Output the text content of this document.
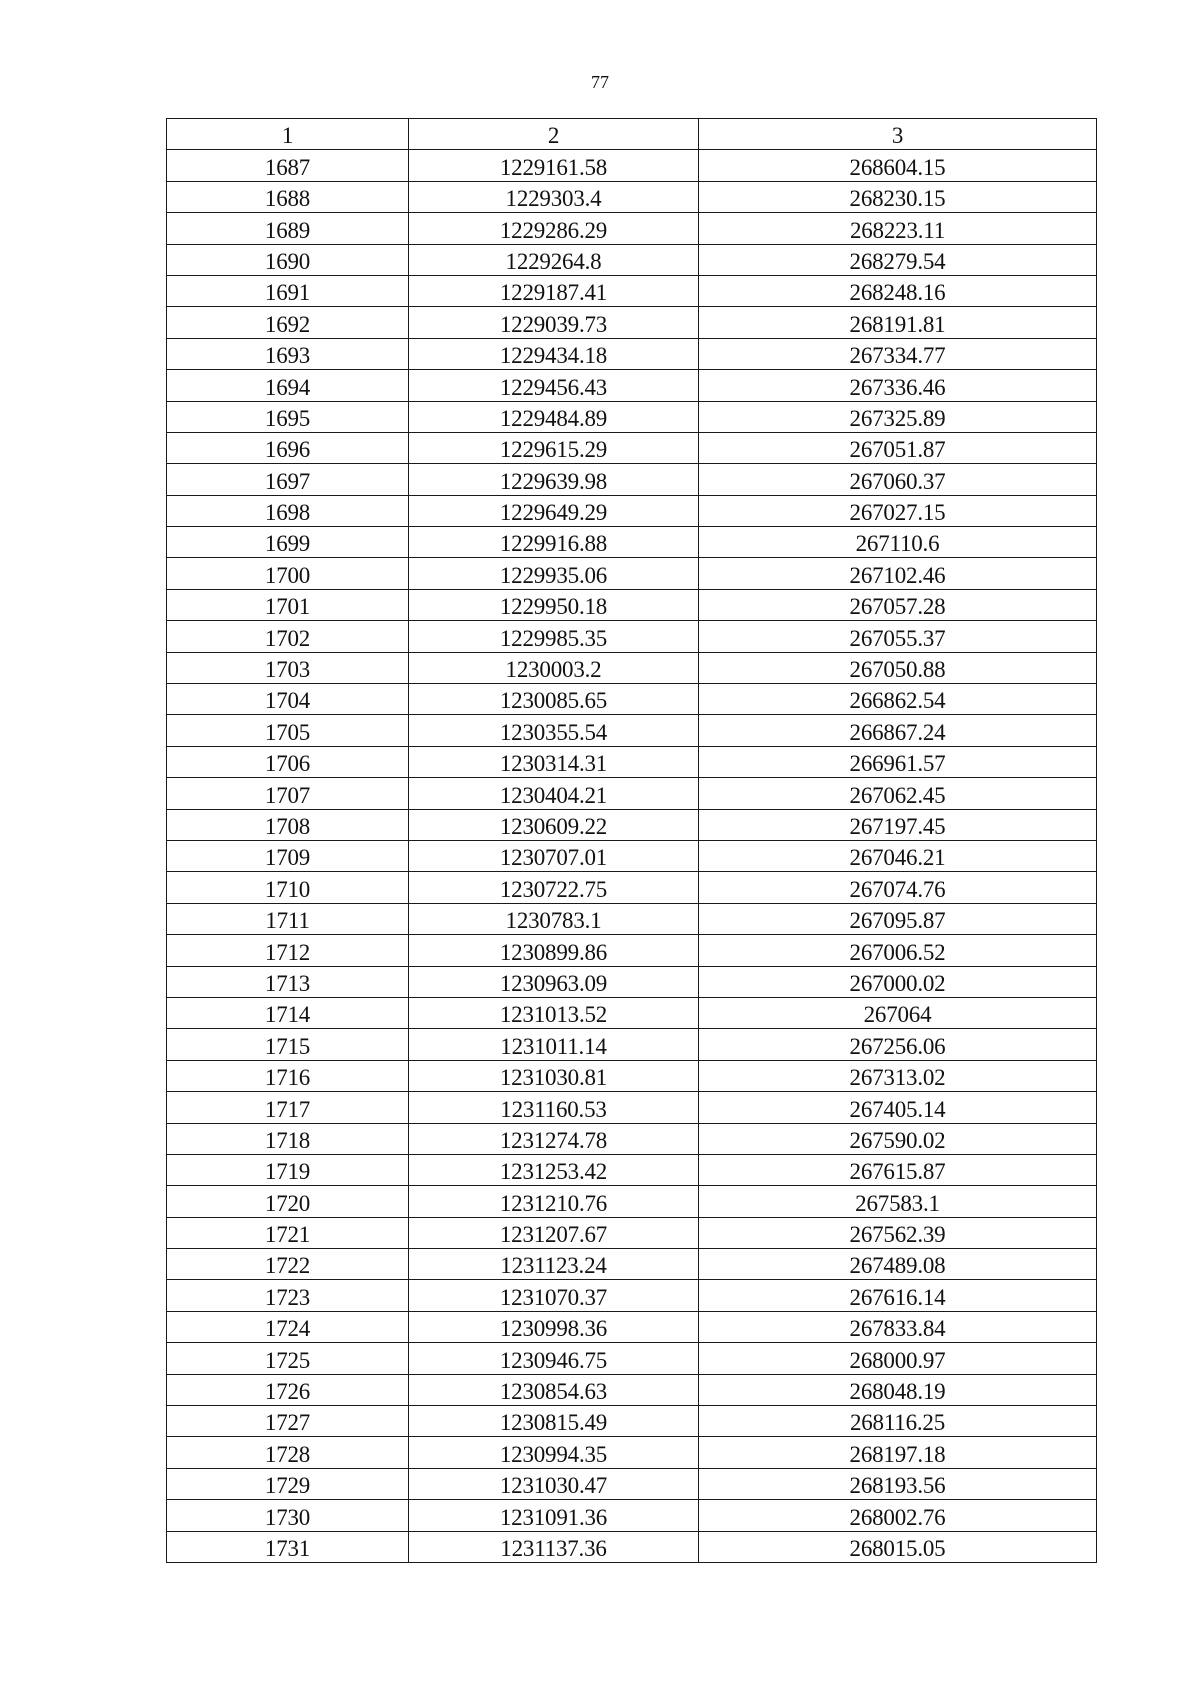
77
1	2	3
1687	1229161.58	268604.15
1688	1229303.4	268230.15
1689	1229286.29	268223.11
1690	1229264.8	268279.54
1691	1229187.41	268248.16
1692	1229039.73	268191.81
1693	1229434.18	267334.77
1694	1229456.43	267336.46
1695	1229484.89	267325.89
1696	1229615.29	267051.87
1697	1229639.98	267060.37
1698	1229649.29	267027.15
1699	1229916.88	267110.6
1700	1229935.06	267102.46
1701	1229950.18	267057.28
1702	1229985.35	267055.37
1703	1230003.2	267050.88
1704	1230085.65	266862.54
1705	1230355.54	266867.24
1706	1230314.31	266961.57
1707	1230404.21	267062.45
1708	1230609.22	267197.45
1709	1230707.01	267046.21
1710	1230722.75	267074.76
1711	1230783.1	267095.87
1712	1230899.86	267006.52
1713	1230963.09	267000.02
1714	1231013.52	267064
1715	1231011.14	267256.06
1716	1231030.81	267313.02
1717	1231160.53	267405.14
1718	1231274.78	267590.02
1719	1231253.42	267615.87
1720	1231210.76	267583.1
1721	1231207.67	267562.39
1722	1231123.24	267489.08
1723	1231070.37	267616.14
1724	1230998.36	267833.84
1725	1230946.75	268000.97
1726	1230854.63	268048.19
1727	1230815.49	268116.25
1728	1230994.35	268197.18
1729	1231030.47	268193.56
1730	1231091.36	268002.76
1731	1231137.36	268015.05
